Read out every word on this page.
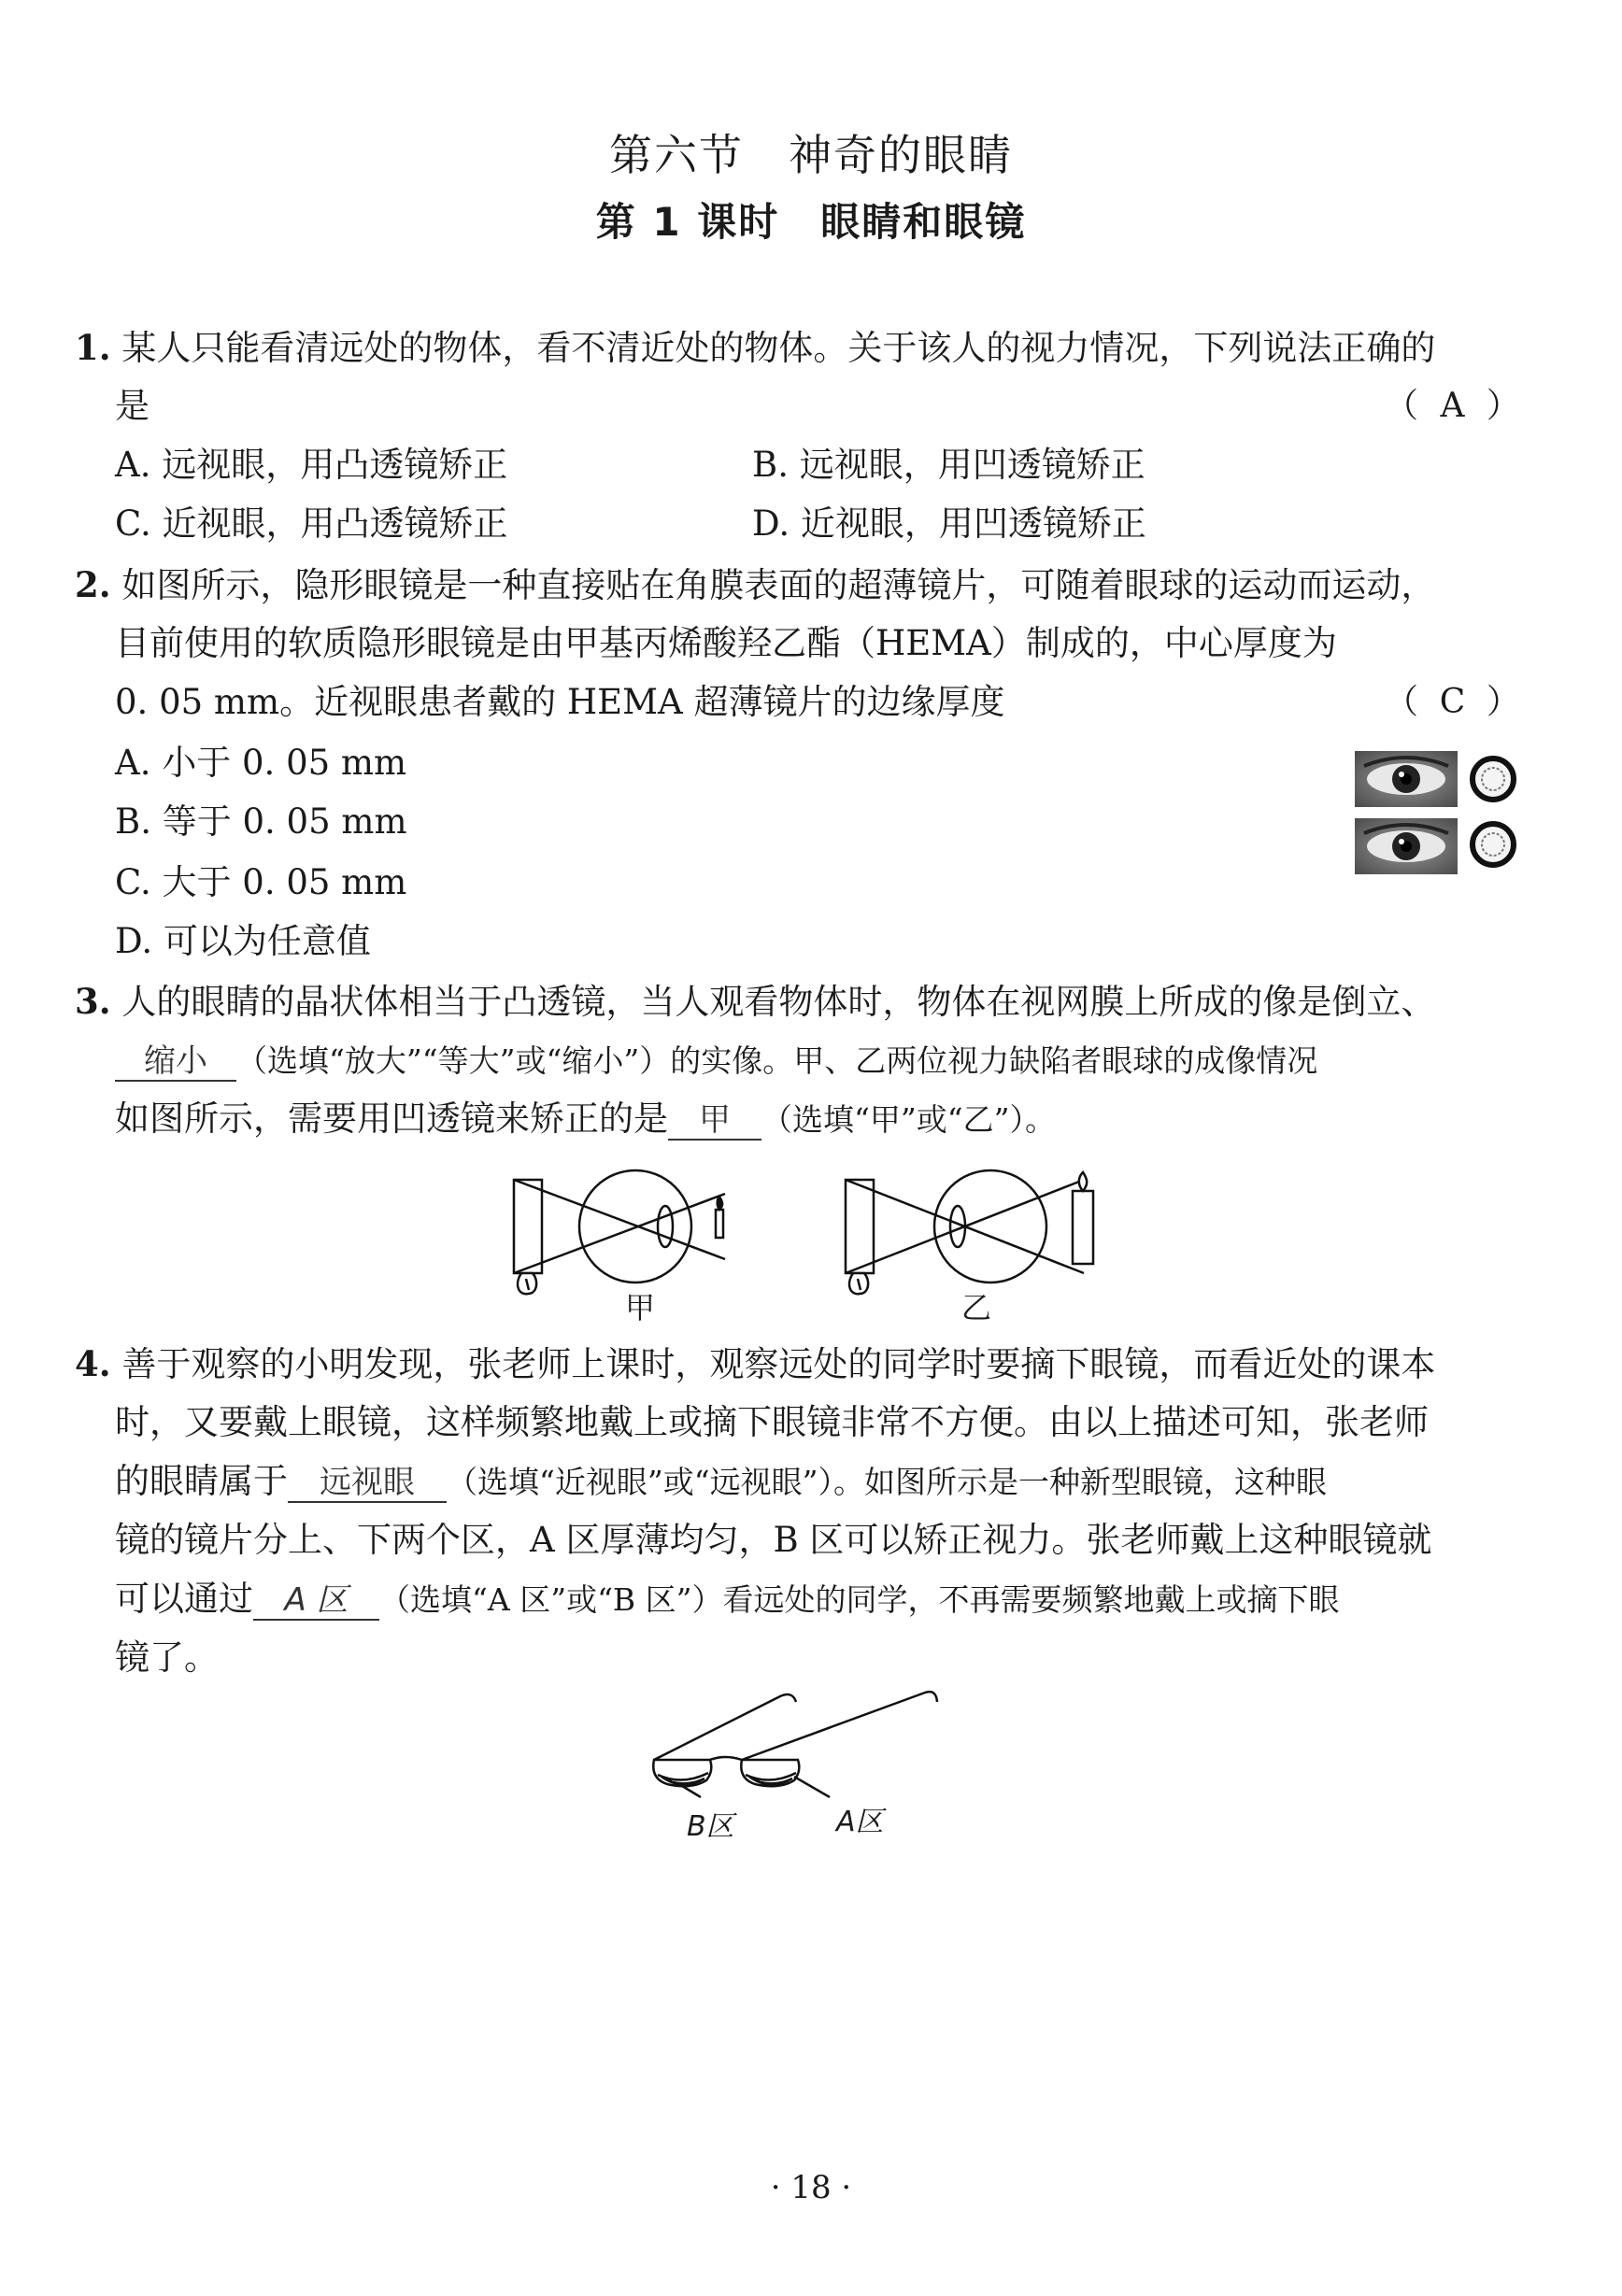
第六节　神奇的眼睛
第 1 课时　眼睛和眼镜
1. 某人只能看清远处的物体，看不清近处的物体。关于该人的视力情况，下列说法正确的
是	（ A ）
A. 远视眼，用凸透镜矫正	B. 远视眼，用凹透镜矫正
C. 近视眼，用凸透镜矫正	D. 近视眼，用凹透镜矫正
2. 如图所示，隐形眼镜是一种直接贴在角膜表面的超薄镜片，可随着眼球的运动而运动，
目前使用的软质隐形眼镜是由甲基丙烯酸羟乙酯（HEMA）制成的，中心厚度为
0. 05 mm。近视眼患者戴的 HEMA 超薄镜片的边缘厚度	（ C ）
A. 小于 0. 05 mm
B. 等于 0. 05 mm
C. 大于 0. 05 mm
D. 可以为任意值
3. 人的眼睛的晶状体相当于凸透镜，当人观看物体时，物体在视网膜上所成的像是倒立、
缩小 （选填“放大”“等大”或“缩小”）的实像。甲、乙两位视力缺陷者眼球的成像情况
如图所示，需要用凹透镜来矫正的是 甲 （选填“甲”或“乙”）。
甲	乙
4. 善于观察的小明发现，张老师上课时，观察远处的同学时要摘下眼镜，而看近处的课本
时，又要戴上眼镜，这样频繁地戴上或摘下眼镜非常不方便。由以上描述可知，张老师
的眼睛属于 远视眼 （选填“近视眼”或“远视眼”）。如图所示是一种新型眼镜，这种眼
镜的镜片分上、下两个区，A 区厚薄均匀，B 区可以矫正视力。张老师戴上这种眼镜就
可以通过 A 区 （选填“A 区”或“B 区”）看远处的同学，不再需要频繁地戴上或摘下眼
镜了。
B区	A区
· 18 ·
